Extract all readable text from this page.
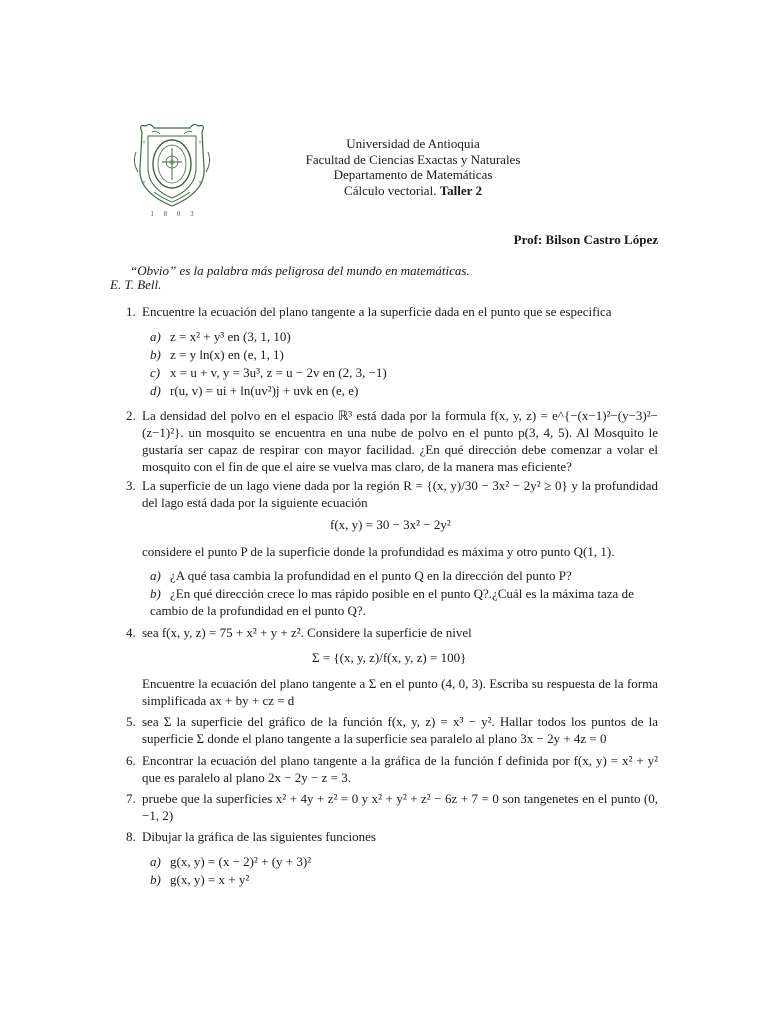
1 8 0 3
Universidad de Antioquia
Facultad de Ciencias Exactas y Naturales
Departamento de Matemáticas
Cálculo vectorial. Taller 2
Prof: Bilson Castro López
“Obvio” es la palabra más peligrosa del mundo en matemáticas.
E. T. Bell.
1. Encuentre la ecuación del plano tangente a la superficie dada en el punto que se especifica
a) z = x² + y³ en (3, 1, 10)
b) z = y ln(x) en (e, 1, 1)
c) x = u + v, y = 3u³, z = u − 2v en (2, 3, −1)
d) r(u, v) = ui + ln(uv²)j + uvk en (e, e)
2. La densidad del polvo en el espacio ℝ³ está dada por la formula f(x, y, z) = e^{−(x−1)²−(y−3)²−(z−1)²}. un mosquito se encuentra en una nube de polvo en el punto p(3, 4, 5). Al Mosquito le gustaría ser capaz de respirar con mayor facilidad. ¿En qué dirección debe comenzar a volar el mosquito con el fin de que el aire se vuelva mas claro, de la manera mas eficiente?
3. La superficie de un lago viene dada por la región R = {(x, y)/30 − 3x² − 2y² ≥ 0} y la profundidad del lago está dada por la siguiente ecuación
f(x, y) = 30 − 3x² − 2y²
considere el punto P de la superficie donde la profundidad es máxima y otro punto Q(1, 1).
a) ¿A qué tasa cambia la profundidad en el punto Q en la dirección del punto P?
b) ¿En qué dirección crece lo mas rápido posible en el punto Q?.¿Cuál es la máxima taza de cambio de la profundidad en el punto Q?.
4. sea f(x, y, z) = 75 + x² + y + z². Considere la superficie de nivel
Σ = {(x, y, z)/f(x, y, z) = 100}
Encuentre la ecuación del plano tangente a Σ en el punto (4, 0, 3). Escriba su respuesta de la forma simplificada ax + by + cz = d
5. sea Σ la superficie del gráfico de la función f(x, y, z) = x³ − y². Hallar todos los puntos de la superficie Σ donde el plano tangente a la superficie sea paralelo al plano 3x − 2y + 4z = 0
6. Encontrar la ecuación del plano tangente a la gráfica de la función f definida por f(x, y) = x² + y² que es paralelo al plano 2x − 2y − z = 3.
7. pruebe que la superficies x² + 4y + z² = 0 y x² + y² + z² − 6z + 7 = 0 son tangenetes en el punto (0, −1, 2)
8. Dibujar la gráfica de las siguientes funciones
a) g(x, y) = (x − 2)² + (y + 3)²
b) g(x, y) = x + y²
